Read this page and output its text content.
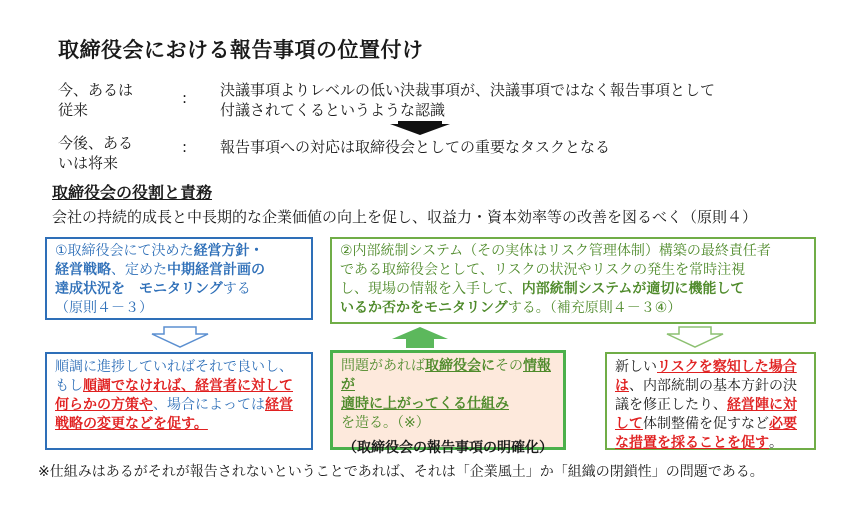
取締役会における報告事項の位置付け
今、あるは
従来
: 決議事項よりレベルの低い決裁事項が、決議事項ではなく報告事項として
付議されてくるというような認識
今後、ある
いは将来
: 報告事項への対応は取締役会としての重要なタスクとなる
取締役会の役割と責務
会社の持続的成長と中長期的な企業価値の向上を促し、収益力・資本効率等の改善を図るべく（原則４）
①取締役会にて決めた経営方針・
経営戦略、定めた中期経営計画の
達成状況を　モニタリングする
（原則４－３）
②内部統制システム（その実体はリスク管理体制）構築の最終責任者
である取締役会として、リスクの状況やリスクの発生を常時注視
し、現場の情報を入手して、内部統制システムが適切に機能して
いるか否かをモニタリングする。（補充原則４－３④）
順調に進捗していればそれで良いし、
もし順調でなければ、経営者に対して
何らかの方策や、場合によっては経営
戦略の変更などを促す。
問題があれば取締役会にその情報が
適時に上がってくる仕組み
を造る。（※）
（取締役会の報告事項の明確化）
新しいリスクを察知した場合
は、内部統制の基本方針の決
議を修正したり、経営陣に対
して体制整備を促すなど必要
な措置を採ることを促す。
※仕組みはあるがそれが報告されないということであれば、それは「企業風土」か「組織の閉鎖性」の問題である。
